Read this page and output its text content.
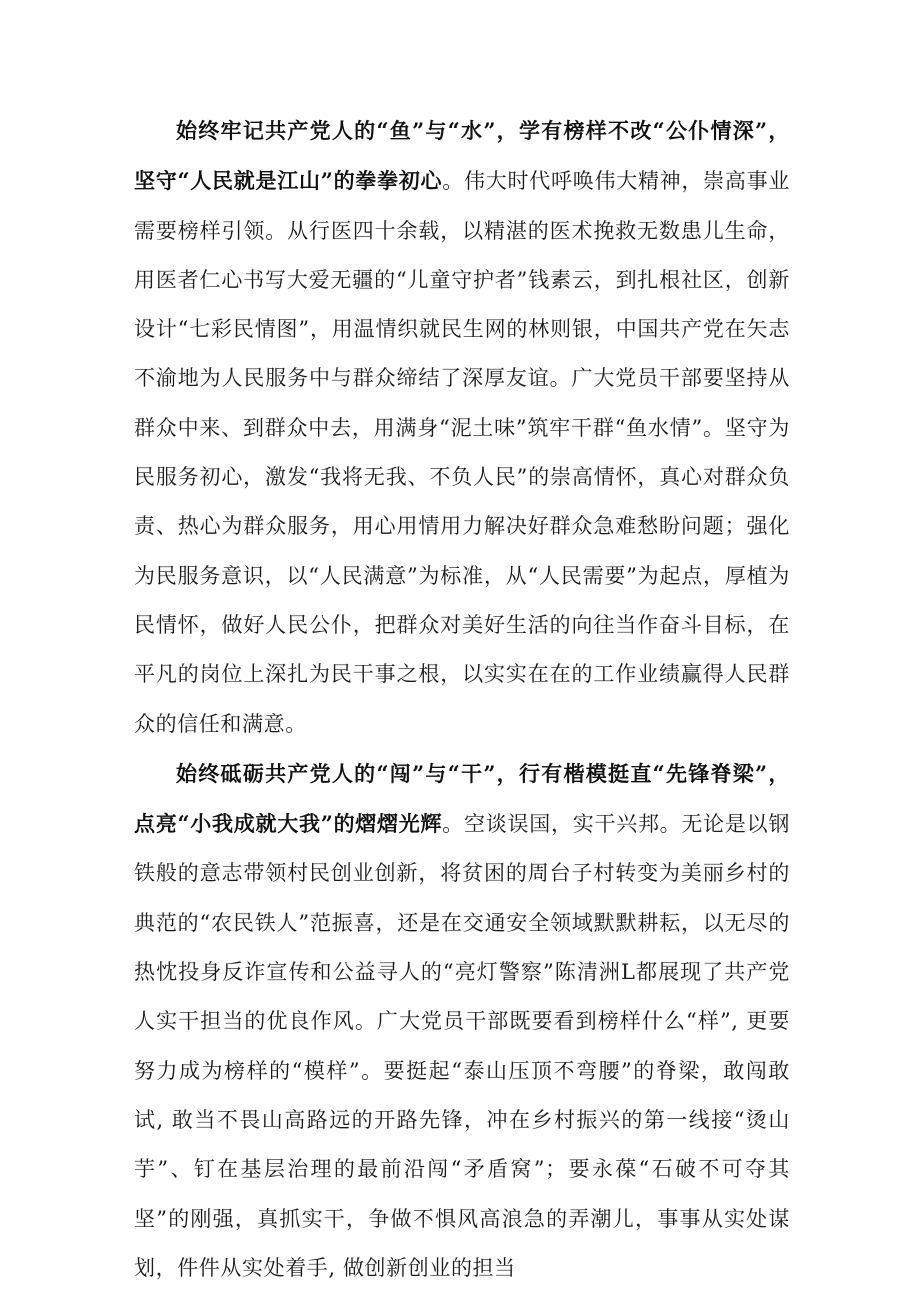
始终牢记共产党人的“鱼”与“水”，学有榜样不改“公仆情深”，坚守“人民就是江山”的拳拳初心。伟大时代呼唤伟大精神，崇高事业需要榜样引领。从行医四十余载，以精湛的医术挽救无数患儿生命，用医者仁心书写大爱无疆的“儿童守护者”钱素云，到扎根社区，创新设计“七彩民情图”，用温情织就民生网的林则银，中国共产党在矢志不渝地为人民服务中与群众缔结了深厚友谊。广大党员干部要坚持从群众中来、到群众中去，用满身“泥土味”筑牢干群“鱼水情”。坚守为民服务初心，激发“我将无我、不负人民”的崇高情怀，真心对群众负责、热心为群众服务，用心用情用力解决好群众急难愁盼问题；强化为民服务意识，以“人民满意”为标准，从“人民需要”为起点，厚植为民情怀，做好人民公仆，把群众对美好生活的向往当作奋斗目标，在平凡的岗位上深扎为民干事之根，以实实在在的工作业绩赢得人民群众的信任和满意。

始终砥砺共产党人的“闯”与“干”，行有楷模挺直“先锋脊梁”，点亮“小我成就大我”的熠熠光辉。空谈误国，实干兴邦。无论是以钢铁般的意志带领村民创业创新，将贫困的周台子村转变为美丽乡村的典范的“农民铁人”范振喜，还是在交通安全领域默默耕耘，以无尽的热忱投身反诈宣传和公益寻人的“亮灯警察”陈清洲L都展现了共产党人实干担当的优良作风。广大党员干部既要看到榜样什么“样”, 更要努力成为榜样的“模样”。要挺起“泰山压顶不弯腰”的脊梁，敢闯敢试, 敢当不畏山高路远的开路先锋，冲在乡村振兴的第一线接“烫山芋”、钉在基层治理的最前沿闯“矛盾窝”；要永葆“石破不可夺其坚”的刚强，真抓实干，争做不惧风高浪急的弄潮儿，事事从实处谋划，件件从实处着手, 做创新创业的担当
